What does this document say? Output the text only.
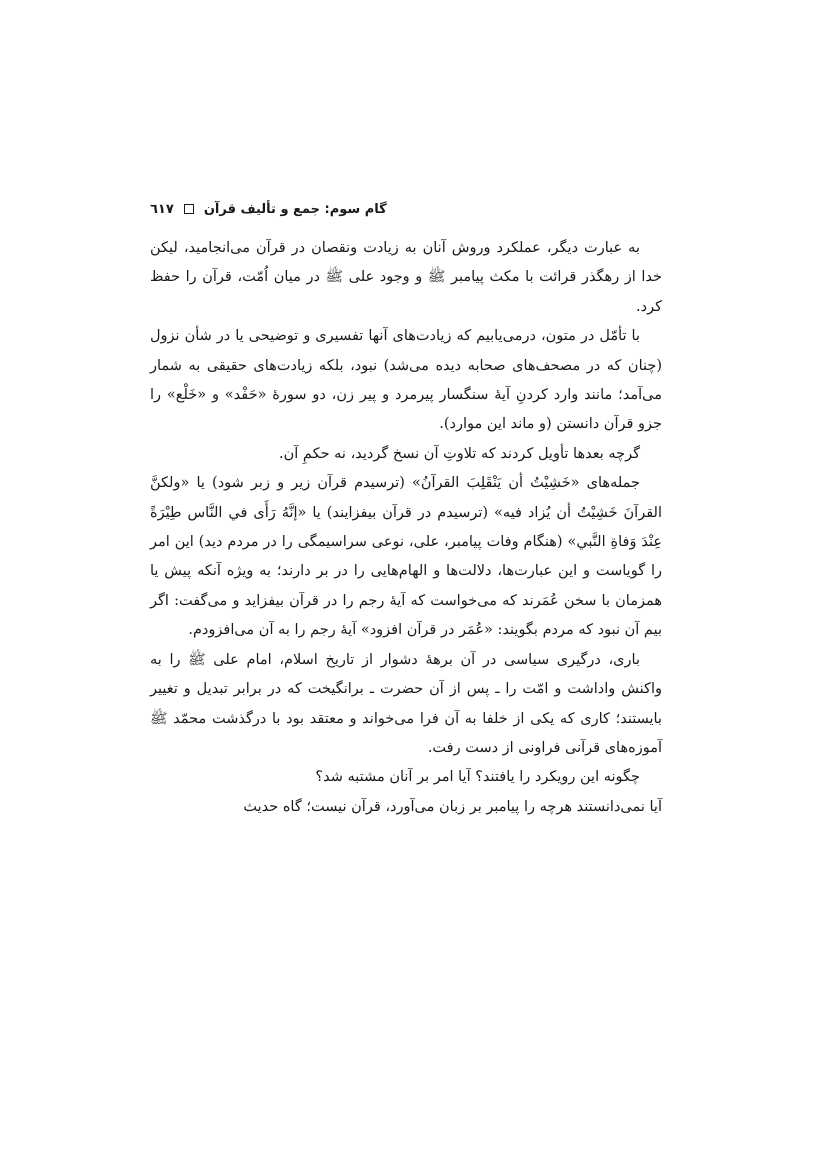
گام سوم: جمع و تألیف قرآن
٦١٧

به عبارت دیگر، عملکرد وروش آنان به زیادت ونقصان در قرآن می‌انجامید، لیکن خدا از رهگذر قرائت با مکث پیامبر ﷺ و وجود علی ﷺ در میان اُمّت، قرآن را حفظ کرد.

با تأمّل در متون، درمی‌یابیم که زیادت‌های آنها تفسیری و توضیحی یا در شأن نزول (چنان که در مصحف‌های صحابه دیده می‌شد) نبود، بلکه زیادت‌های حقیقی به شمار می‌آمد؛ مانند وارد کردنِ آیهٔ سنگسار پیرمرد و پیر زن، دو سورهٔ «حَفْد» و «خَلْع» را جزو قرآن دانستن (و ماند این موارد).

گرچه بعدها تأویل کردند که تلاوتِ آن نسخ گردید، نه حکمِ آن.

جمله‌های «خَشِيْتُ أن يَنْقَلِبَ القرآنُ» (ترسیدم قرآن زیر و زبر شود) یا «ولكنَّ القرآنَ خَشِيْتُ أن يُزاد فيه» (ترسیدم در قرآن بیفزایند) یا «إنَّهُ رَأَى في النَّاس طِيْرَةً عِنْدَ وَفاةِ النَّبي» (هنگام وفات پیامبر، علی، نوعی سراسیمگی را در مردم دید) این امر را گویاست و این عبارت‌ها، دلالت‌ها و الهام‌هایی را در بر دارند؛ به ویژه آنکه پیش یا همزمان با سخن عُمَرند که می‌خواست که آیهٔ رجم را در قرآن بیفزاید و می‌گفت: اگر بیم آن نبود که مردم بگویند: «عُمَر در قرآن افزود» آیهٔ رجم را به آن می‌افزودم.

باری، درگیری سیاسی در آن برههٔ دشوار از تاریخ اسلام، امام علی ﷺ را به واکنش واداشت و امّت را ـ پس از آن حضرت ـ برانگیخت که در برابر تبدیل و تغییر بایستند؛ کاری که یکی از خلفا به آن فرا می‌خواند و معتقد بود با درگذشت محمّد ﷺ آموزه‌های قرآنی فراونی از دست رفت.

چگونه این رویکرد را یافتند؟ آیا امر بر آنان مشتبه شد؟

آیا نمی‌دانستند هرچه را پیامبر بر زبان می‌آورد، قرآن نیست؛ گاه حدیث
